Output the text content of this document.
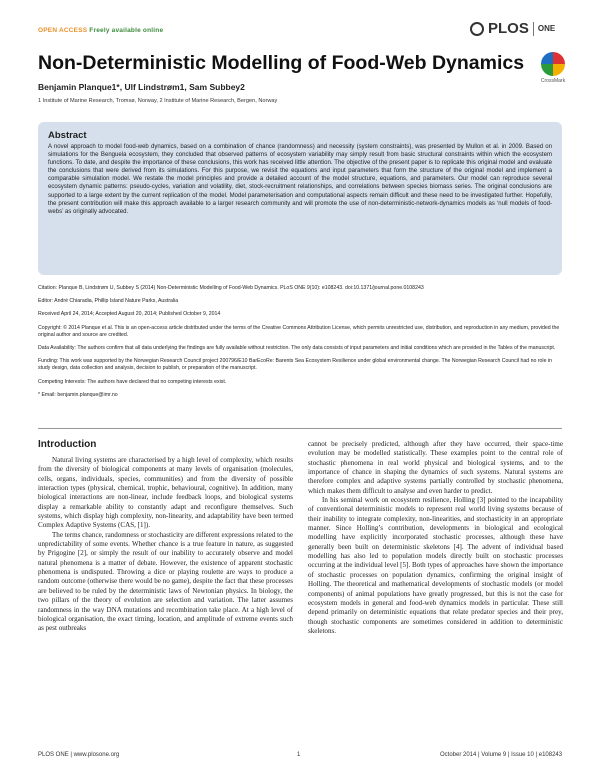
OPEN ACCESS Freely available online	PLOS ONE
Non-Deterministic Modelling of Food-Web Dynamics
CrossMark
Benjamin Planque1*, Ulf Lindstrøm1, Sam Subbey2
1 Institute of Marine Research, Tromsø, Norway, 2 Institute of Marine Research, Bergen, Norway
Abstract
A novel approach to model food-web dynamics, based on a combination of chance (randomness) and necessity (system constraints), was presented by Mullon et al. in 2009. Based on simulations for the Benguela ecosystem, they concluded that observed patterns of ecosystem variability may simply result from basic structural constraints within which the ecosystem functions. To date, and despite the importance of these conclusions, this work has received little attention. The objective of the present paper is to replicate this original model and evaluate the conclusions that were derived from its simulations. For this purpose, we revisit the equations and input parameters that form the structure of the original model and implement a comparable simulation model. We restate the model principles and provide a detailed account of the model structure, equations, and parameters. Our model can reproduce several ecosystem dynamic patterns: pseudo-cycles, variation and volatility, diet, stock-recruitment relationships, and correlations between species biomass series. The original conclusions are supported to a large extent by the current replication of the model. Model parameterisation and computational aspects remain difficult and these need to be investigated further. Hopefully, the present contribution will make this approach available to a larger research community and will promote the use of non-deterministic-network-dynamics models as ‘null models of food-webs’ as originally advocated.

Citation: Planque B, Lindstrøm U, Subbey S (2014) Non-Deterministic Modelling of Food-Web Dynamics. PLoS ONE 9(10): e108243. doi:10.1371/journal.pone.0108243

Editor: André Chiaradia, Phillip Island Nature Parks, Australia

Received April 24, 2014; Accepted August 20, 2014; Published October 9, 2014

Copyright: © 2014 Planque et al. This is an open-access article distributed under the terms of the Creative Commons Attribution License, which permits unrestricted use, distribution, and reproduction in any medium, provided the original author and source are credited.

Data Availability: The authors confirm that all data underlying the findings are fully available without restriction. The only data consists of input parameters and initial conditions which are provided in the Tables of the manuscript.

Funding: This work was supported by the Norwegian Research Council project 200796/E10 BarEcoRe: Barents Sea Ecosystem Resilience under global environmental change. The Norwegian Research Council had no role in study design, data collection and analysis, decision to publish, or preparation of the manuscript.

Competing Interests: The authors have declared that no competing interests exist.

* Email: benjamin.planque@imr.no

Introduction

Natural living systems are characterised by a high level of complexity, which results from the diversity of biological components at many levels of organisation (molecules, cells, organs, individuals, species, communities) and from the diversity of possible interaction types (physical, chemical, trophic, behavioural, cognitive). In addition, many biological interactions are non-linear, include feedback loops, and biological systems display a remarkable ability to constantly adapt and reconfigure themselves. Such systems, which display high complexity, non-linearity, and adaptability have been termed Complex Adaptive Systems (CAS, [1]).

The terms chance, randomness or stochasticity are different expressions related to the unpredictability of some events. Whether chance is a true feature in nature, as suggested by Prigogine [2], or simply the result of our inability to accurately observe and model natural phenomena is a matter of debate. However, the existence of apparent stochastic phenomena is undisputed. Throwing a dice or playing roulette are ways to produce a random outcome (otherwise there would be no game), despite the fact that these processes are believed to be ruled by the deterministic laws of Newtonian physics. In biology, the two pillars of the theory of evolution are selection and variation. The latter assumes randomness in the way DNA mutations and recombination take place. At a high level of biological organisation, the exact timing, location, and amplitude of extreme events such as pest outbreaks

cannot be precisely predicted, although after they have occurred, their space-time evolution may be modelled statistically. These examples point to the central role of stochastic phenomena in real world physical and biological systems, and to the importance of chance in shaping the dynamics of such systems. Natural systems are therefore complex and adaptive systems partially controlled by stochastic phenomena, which makes them difficult to analyse and even harder to predict.

In his seminal work on ecosystem resilience, Holling [3] pointed to the incapability of conventional deterministic models to represent real world living systems because of their inability to integrate complexity, non-linearities, and stochasticity in an appropriate manner. Since Holling’s contribution, developments in biological and ecological modelling have explicitly incorporated stochastic processes, although these have generally been built on deterministic skeletons [4]. The advent of individual based modelling has also led to population models directly built on stochastic processes occurring at the individual level [5]. Both types of approaches have shown the importance of stochastic processes on population dynamics, confirming the original insight of Holling. The theoretical and mathematical developments of stochastic models (or model components) of animal populations have greatly progressed, but this is not the case for ecosystem models in general and food-web dynamics models in particular. These still depend primarily on deterministic equations that relate predator species and their prey, though stochastic components are sometimes considered in addition to deterministic skeletons.

PLOS ONE | www.plosone.org	1	October 2014 | Volume 9 | Issue 10 | e108243
